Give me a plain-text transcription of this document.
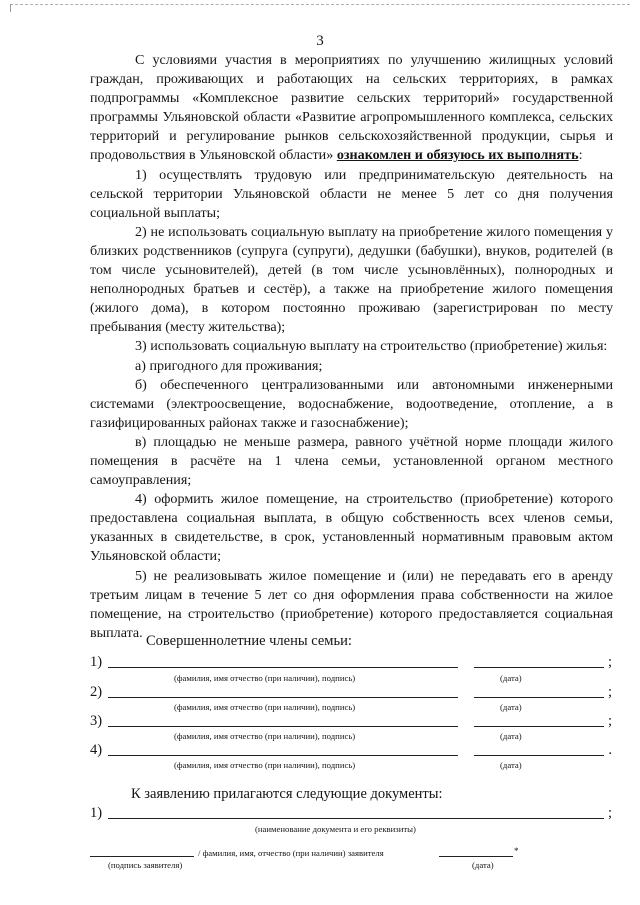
3

С условиями участия в мероприятиях по улучшению жилищных условий граждан, проживающих и работающих на сельских территориях, в рамках подпрограммы «Комплексное развитие сельских территорий» государственной программы Ульяновской области «Развитие агропромышленного комплекса, сельских территорий и регулирование рынков сельскохозяйственной продукции, сырья и продовольствия в Ульяновской области» ознакомлен и обязуюсь их выполнять:

1) осуществлять трудовую или предпринимательскую деятельность на сельской территории Ульяновской области не менее 5 лет со дня получения социальной выплаты;

2) не использовать социальную выплату на приобретение жилого помещения у близких родственников (супруга (супруги), дедушки (бабушки), внуков, родителей (в том числе усыновителей), детей (в том числе усыновлённых), полнородных и неполнородных братьев и сестёр), а также на приобретение жилого помещения (жилого дома), в котором постоянно проживаю (зарегистрирован по месту пребывания (месту жительства);

3) использовать социальную выплату на строительство (приобретение) жилья:

а) пригодного для проживания;

б) обеспеченного централизованными или автономными инженерными системами (электроосвещение, водоснабжение, водоотведение, отопление, а в газифицированных районах также и газоснабжение);

в) площадью не меньше размера, равного учётной норме площади жилого помещения в расчёте на 1 члена семьи, установленной органом местного самоуправления;

4) оформить жилое помещение, на строительство (приобретение) которого предоставлена социальная выплата, в общую собственность всех членов семьи, указанных в свидетельстве, в срок, установленный нормативным правовым актом Ульяновской области;

5) не реализовывать жилое помещение и (или) не передавать его в аренду третьим лицам в течение 5 лет со дня оформления права собственности на жилое помещение, на строительство (приобретение) которого предоставляется социальная выплата.

Совершеннолетние члены семьи:
1)	;
(фамилия, имя отчество (при наличии), подпись)	(дата)
2)	;
(фамилия, имя отчество (при наличии), подпись)	(дата)
3)	;
(фамилия, имя отчество (при наличии), подпись)	(дата)
4)	.
(фамилия, имя отчество (при наличии), подпись)	(дата)
К заявлению прилагаются следующие документы:
1)	;
(наименование документа и его реквизиты)
/ фамилия, имя, отчество (при наличии) заявителя	*
(подпись заявителя)	(дата)
